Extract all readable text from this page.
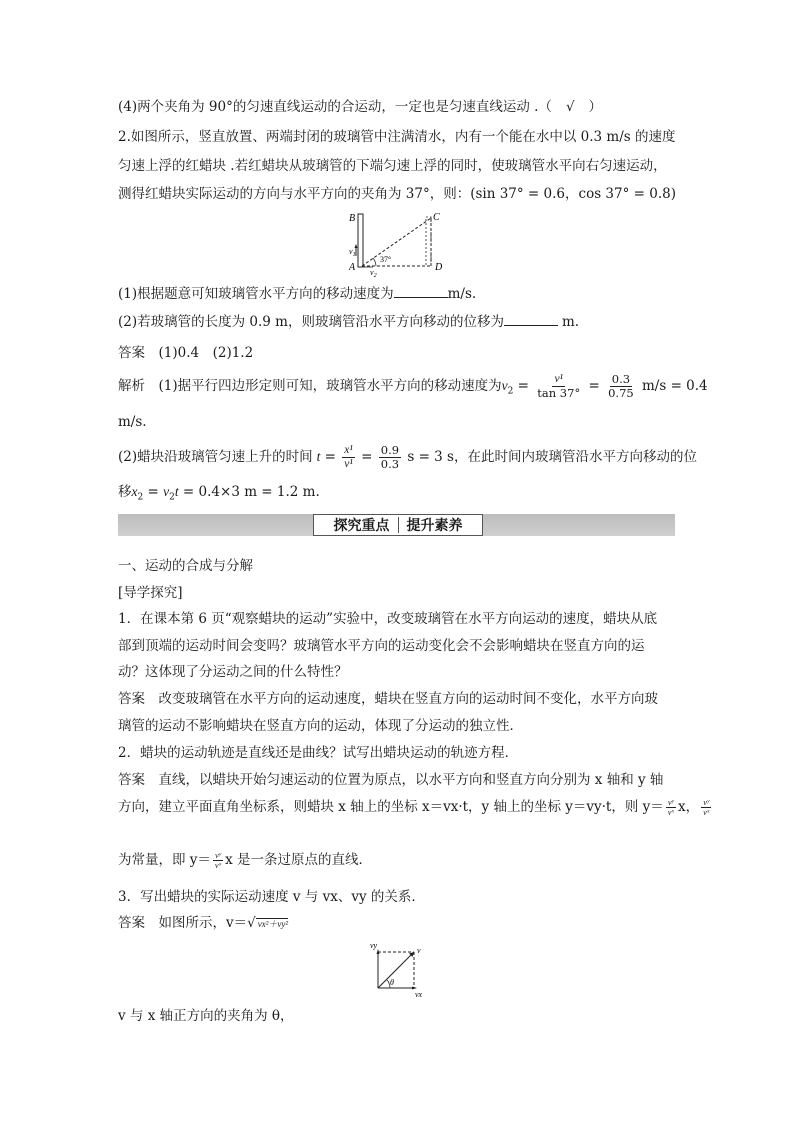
(4)两个夹角为 90°的匀速直线运动的合运动，一定也是匀速直线运动 .（ √ ）
2.如图所示，竖直放置、两端封闭的玻璃管中注满清水，内有一个能在水中以 0.3 m/s 的速度
匀速上浮的红蜡块 .若红蜡块从玻璃管的下端匀速上浮的同时，使玻璃管水平向右匀速运动，
测得红蜡块实际运动的方向与水平方向的夹角为 37°，则：(sin 37° = 0.6，cos 37° = 0.8)
B	C
A	D
$v_1$
$v_2$
37°
(1)根据题意可知玻璃管水平方向的移动速度为	m/s.
(2)若玻璃管的长度为 0.9 m，则玻璃管沿水平方向移动的位移为	m.
答案　(1)0.4　(2)1.2
解析　(1)据平行四边形定则可知，玻璃管水平方向的移动速度为$v_2 = \frac{\text{v¹}}{\tan 37^\circ} = \frac{0.3}{0.75} m/s = 0.4$
m/s.
(2)蜡块沿玻璃管匀速上升的时间 $t = \frac{\text{x¹}}{\text{v¹}} = \frac{0.9}{0.3}$ s = 3 s，在此时间内玻璃管沿水平方向移动的位
移$x_2 = v_2t = 0.4\times 3$ m = 1.2 m.
探究重点 提升素养
一、运动的合成与分解
[导学探究]
1．在课本第 6 页“观察蜡块的运动”实验中，改变玻璃管在水平方向运动的速度，蜡块从底
部到顶端的运动时间会变吗？玻璃管水平方向的运动变化会不会影响蜡块在竖直方向的运
动？这体现了分运动之间的什么特性？
答案　改变玻璃管在水平方向的运动速度，蜡块在竖直方向的运动时间不变化，水平方向玻
璃管的运动不影响蜡块在竖直方向的运动，体现了分运动的独立性．
2．蜡块的运动轨迹是直线还是曲线？试写出蜡块运动的轨迹方程．
答案　直线，以蜡块开始匀速运动的位置为原点，以水平方向和竖直方向分别为 x 轴和 y 轴
方向，建立平面直角坐标系，则蜡块 x 轴上的坐标 x＝vx·t，y 轴上的坐标 y＝vy·t，则 $y= \frac{\text{vʸ}}{\text{vˣ}}$ x， $\frac{\text{vʸ}}{\text{vˣ}}$
为常量，即 $y= \frac{\text{vʸ}}{\text{vˣ}}$ x 是一条过原点的直线．
3．写出蜡块的实际运动速度 v 与 vx、vy 的关系．
答案　如图所示，v＝√ vx²＋vy²
vy
v
θ
vx
v 与 x 轴正方向的夹角为 θ，
